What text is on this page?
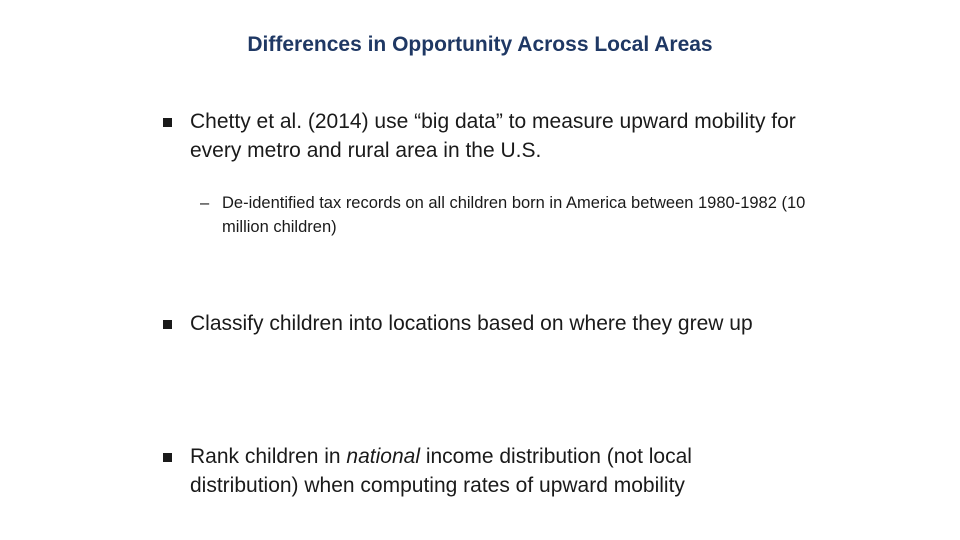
Differences in Opportunity Across Local Areas
Chetty et al. (2014) use “big data” to measure upward mobility for every metro and rural area in the U.S.
– De-identified tax records on all children born in America between 1980-1982 (10 million children)
Classify children into locations based on where they grew up
Rank children in national income distribution (not local distribution) when computing rates of upward mobility
